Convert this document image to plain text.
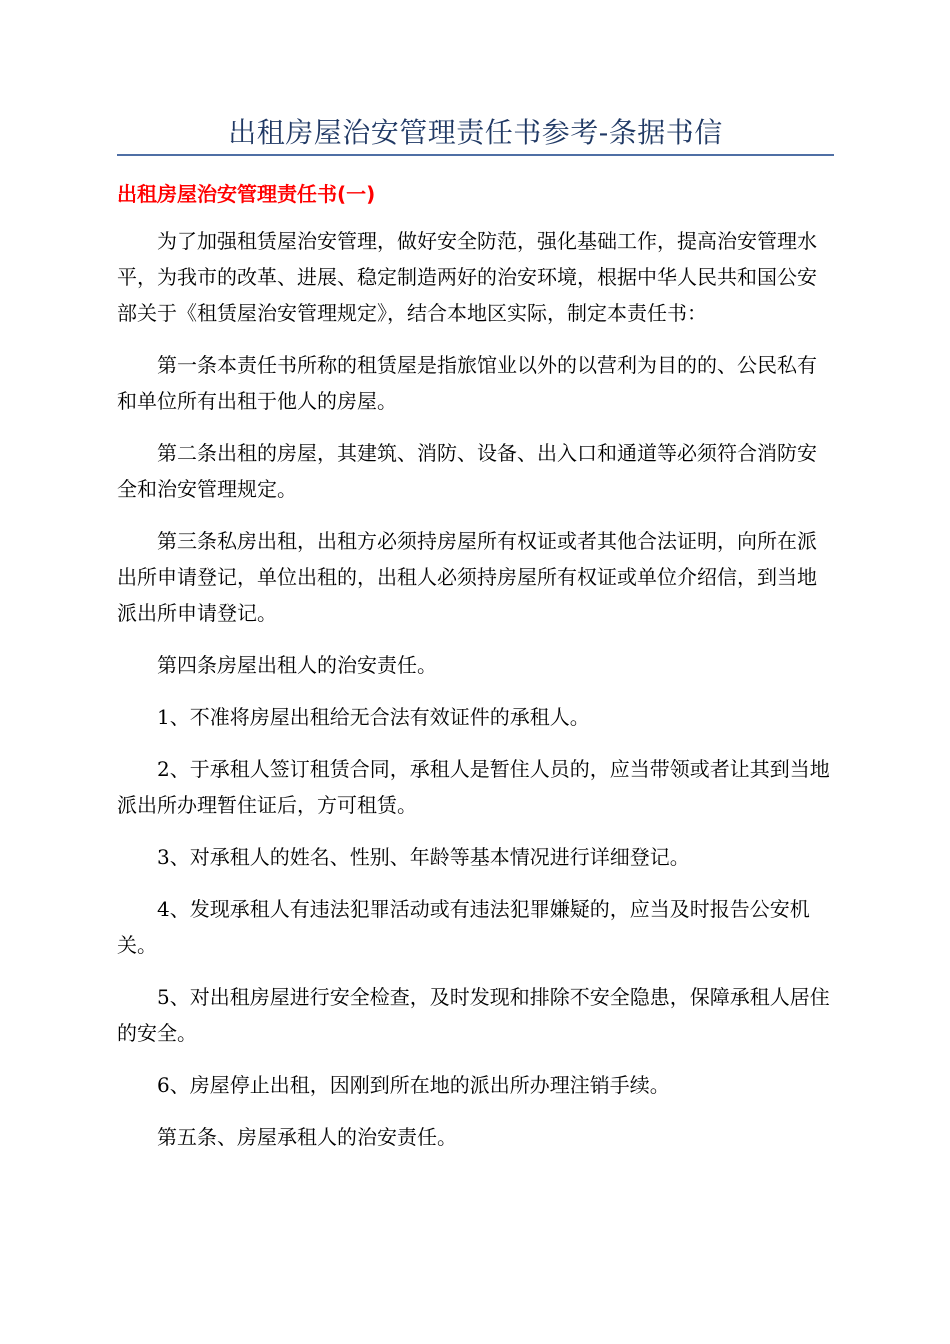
出租房屋治安管理责任书参考-条据书信
出租房屋治安管理责任书(一)

为了加强租赁屋治安管理，做好安全防范，强化基础工作，提高治安管理水平，为我市的改革、进展、稳定制造两好的治安环境，根据中华人民共和国公安部关于《租赁屋治安管理规定》，结合本地区实际，制定本责任书：

第一条本责任书所称的租赁屋是指旅馆业以外的以营利为目的的、公民私有和单位所有出租于他人的房屋。

第二条出租的房屋，其建筑、消防、设备、出入口和通道等必须符合消防安全和治安管理规定。

第三条私房出租，出租方必须持房屋所有权证或者其他合法证明，向所在派出所申请登记，单位出租的，出租人必须持房屋所有权证或单位介绍信，到当地派出所申请登记。

第四条房屋出租人的治安责任。

1、不准将房屋出租给无合法有效证件的承租人。

2、于承租人签订租赁合同，承租人是暂住人员的，应当带领或者让其到当地派出所办理暂住证后，方可租赁。

3、对承租人的姓名、性别、年龄等基本情况进行详细登记。

4、发现承租人有违法犯罪活动或有违法犯罪嫌疑的，应当及时报告公安机关。

5、对出租房屋进行安全检查，及时发现和排除不安全隐患，保障承租人居住的安全。

6、房屋停止出租，因刚到所在地的派出所办理注销手续。

第五条、房屋承租人的治安责任。
